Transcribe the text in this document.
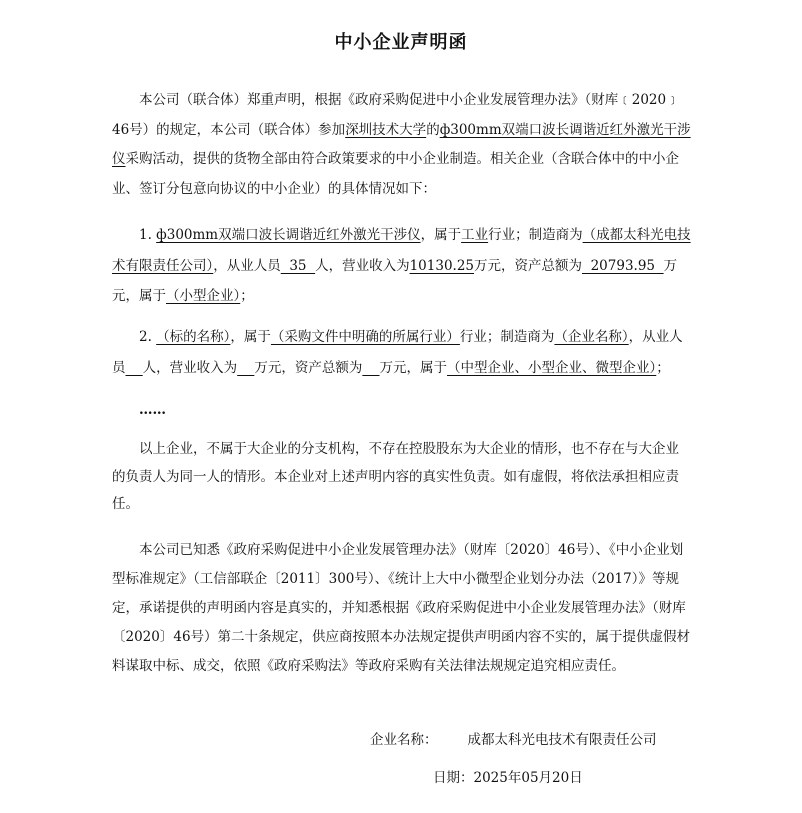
中小企业声明函

本公司（联合体）郑重声明，根据《政府采购促进中小企业发展管理办法》（财库﹝2020﹞46号）的规定，本公司（联合体）参加深圳技术大学的ф300mm双端口波长调谐近红外激光干涉仪采购活动，提供的货物全部由符合政策要求的中小企业制造。相关企业（含联合体中的中小企业、签订分包意向协议的中小企业）的具体情况如下：

1. ф300mm双端口波长调谐近红外激光干涉仪，属于工业行业；制造商为（成都太科光电技术有限责任公司），从业人员  35  人，营业收入为10130.25万元，资产总额为  20793.95  万元，属于（小型企业）；

2. （标的名称），属于（采购文件中明确的所属行业）行业；制造商为（企业名称），从业人员 人，营业收入为 万元，资产总额为 万元，属于（中型企业、小型企业、微型企业）；

……

以上企业，不属于大企业的分支机构，不存在控股股东为大企业的情形，也不存在与大企业的负责人为同一人的情形。本企业对上述声明内容的真实性负责。如有虚假，将依法承担相应责任。

本公司已知悉《政府采购促进中小企业发展管理办法》（财库〔2020〕46号）、《中小企业划型标准规定》（工信部联企〔2011〕300号）、《统计上大中小微型企业划分办法（2017）》等规定，承诺提供的声明函内容是真实的，并知悉根据《政府采购促进中小企业发展管理办法》（财库〔2020〕46号）第二十条规定，供应商按照本办法规定提供声明函内容不实的，属于提供虚假材料谋取中标、成交，依照《政府采购法》等政府采购有关法律法规规定追究相应责任。

企业名称： 成都太科光电技术有限责任公司
日期：2025年05月20日
